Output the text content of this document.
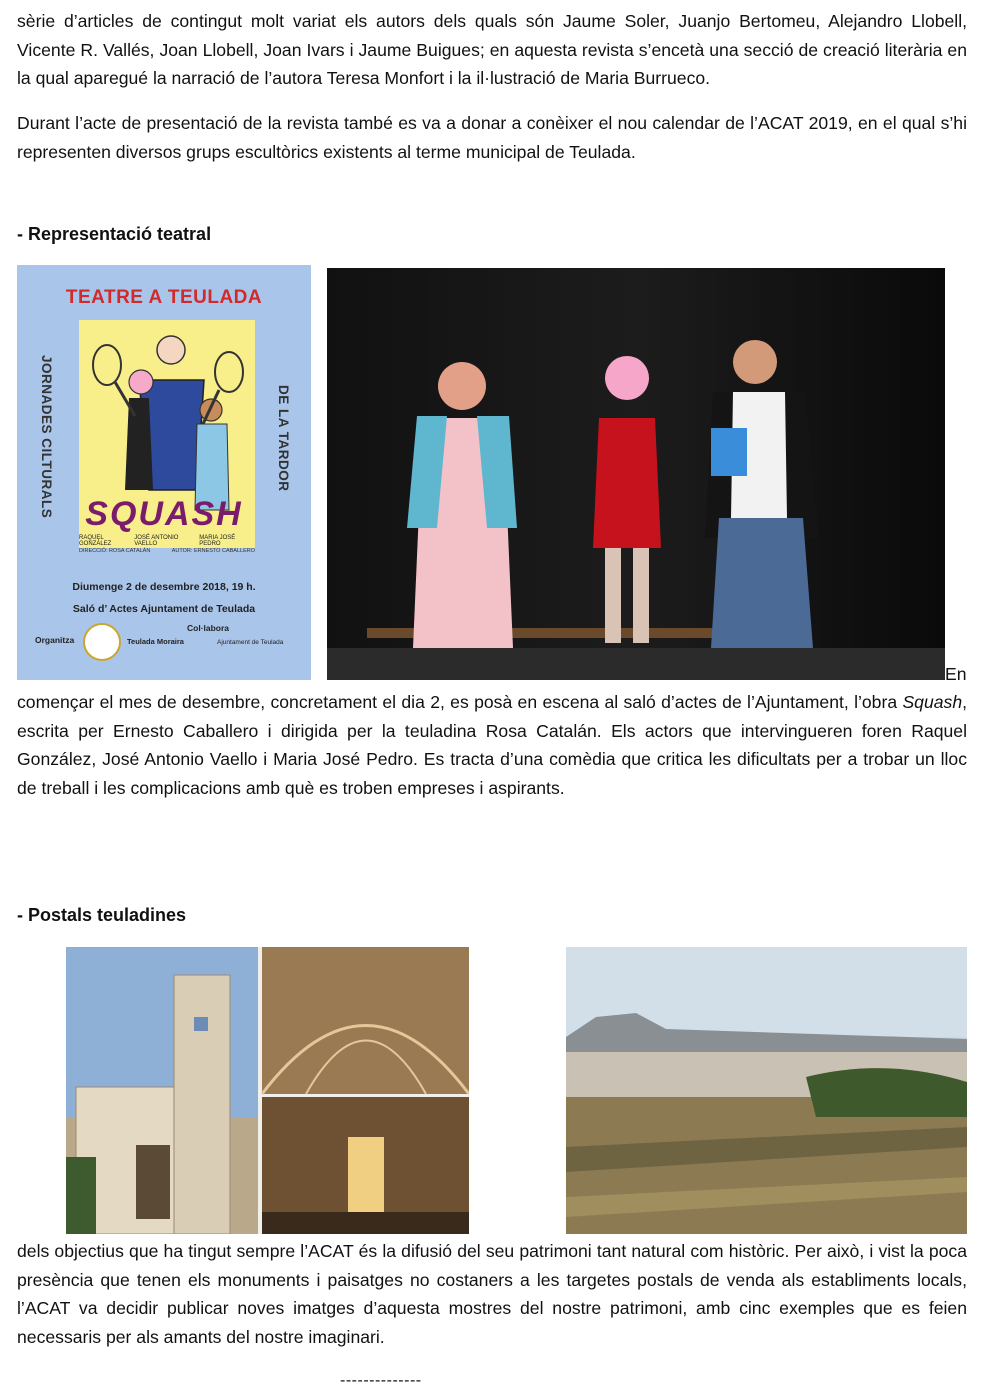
sèrie d’articles de contingut molt variat els autors dels quals són Jaume Soler, Juanjo Bertomeu, Alejandro Llobell, Vicente R. Vallés, Joan Llobell, Joan Ivars i Jaume Buigues; en aquesta revista s’encetà una secció de creació literària en la qual aparegué la narració de l’autora Teresa Monfort i la il·lustració de Maria Burrueco.

Durant l’acte de presentació de la revista també es va a donar a conèixer el nou calendar de l’ACAT 2019, en el qual s’hi representen diversos grups escultòrics existents al terme municipal de Teulada.

- Representació teatral
TEATRE A TEULADA
JORNADES CILTURALS	DE LA TARDOR
SQUASH
RAQUEL GONZÁLEZ
JOSÉ ANTONIO VAELLO
MARIA JOSÉ PEDRO
DIRECCIÓ: ROSA CATALÁN	AUTOR: ERNESTO CABALLERO
Diumenge 2 de desembre 2018, 19 h.
Saló d’ Actes Ajuntament de Teulada
Col·labora
Organitza	Teulada Moraira	Ajuntament de Teulada
En

començar el mes de desembre, concretament el dia 2, es posà en escena al saló d’actes de l’Ajuntament, l’obra Squash, escrita per Ernesto Caballero i dirigida per la teuladina Rosa Catalán. Els actors que intervingueren foren Raquel González, José Antonio Vaello i Maria José Pedro. Es tracta d’una comèdia que critica les dificultats per a trobar un lloc de treball i les complicacions amb què es troben empreses i aspirants.

- Postals teuladines

dels objectius que ha tingut sempre l’ACAT és la difusió del seu patrimoni tant natural com històric. Per això, i vist la poca presència que tenen els monuments i paisatges no costaners a les targetes postals de venda als establiments locals, l’ACAT va decidir publicar noves imatges d’aquesta mostres del nostre patrimoni, amb cinc exemples que es feien necessaris per als amants del nostre imaginari.

--------------
